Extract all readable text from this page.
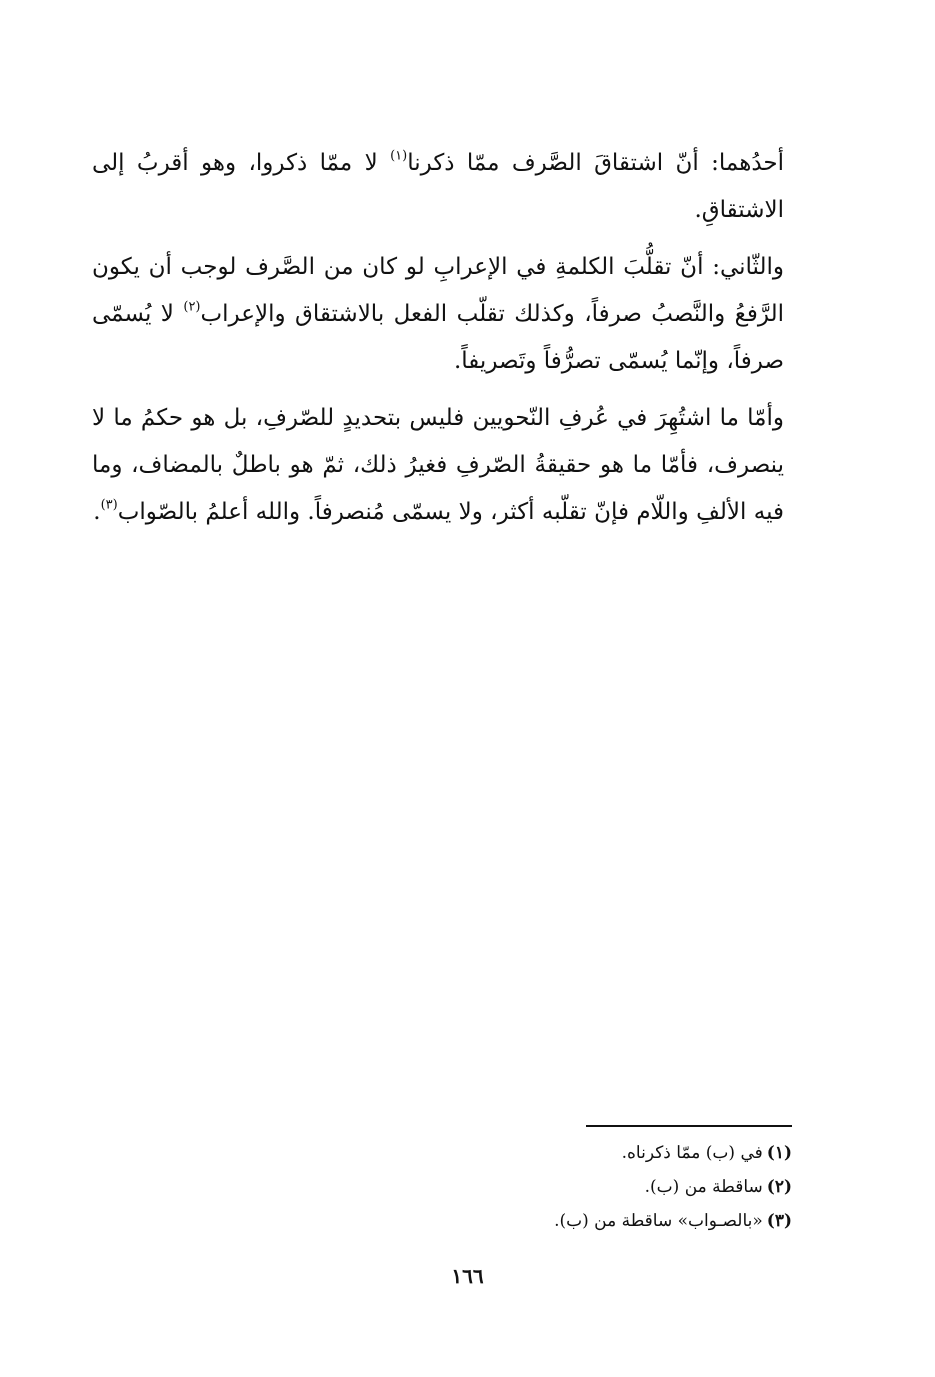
أحدُهما: أنّ اشتقاقَ الصَّرف ممّا ذكرنا$^{(١)}$ لا ممّا ذكروا، وهو أقربُ إلى الاشتقاقِ.

والثّاني: أنّ تقلُّبَ الكلمةِ في الإعرابِ لو كان من الصَّرف لوجب أن يكون الرَّفعُ والنَّصبُ صرفاً، وكذلك تقلّب الفعل بالاشتقاق والإعراب$^{(٢)}$ لا يُسمّى صرفاً، وإنّما يُسمّى تصرُّفاً وتَصريفاً.

وأمّا ما اشتُهِرَ في عُرفِ النّحويين فليس بتحديدٍ للصّرفِ، بل هو حكمُ ما لا ينصرف، فأمّا ما هو حقيقةُ الصّرفِ فغيرُ ذلك، ثمّ هو باطلٌ بالمضاف، وما فيه الألفِ واللّام فإنّ تقلّبه أكثر، ولا يسمّى مُنصرفاً. والله أعلمُ بالصّواب$^{(٣)}$.

(١)في (ب) ممّا ذكرناه.

(٢)ساقطة من (ب).

(٣)«بالصـواب» ساقطة من (ب).

١٦٦
